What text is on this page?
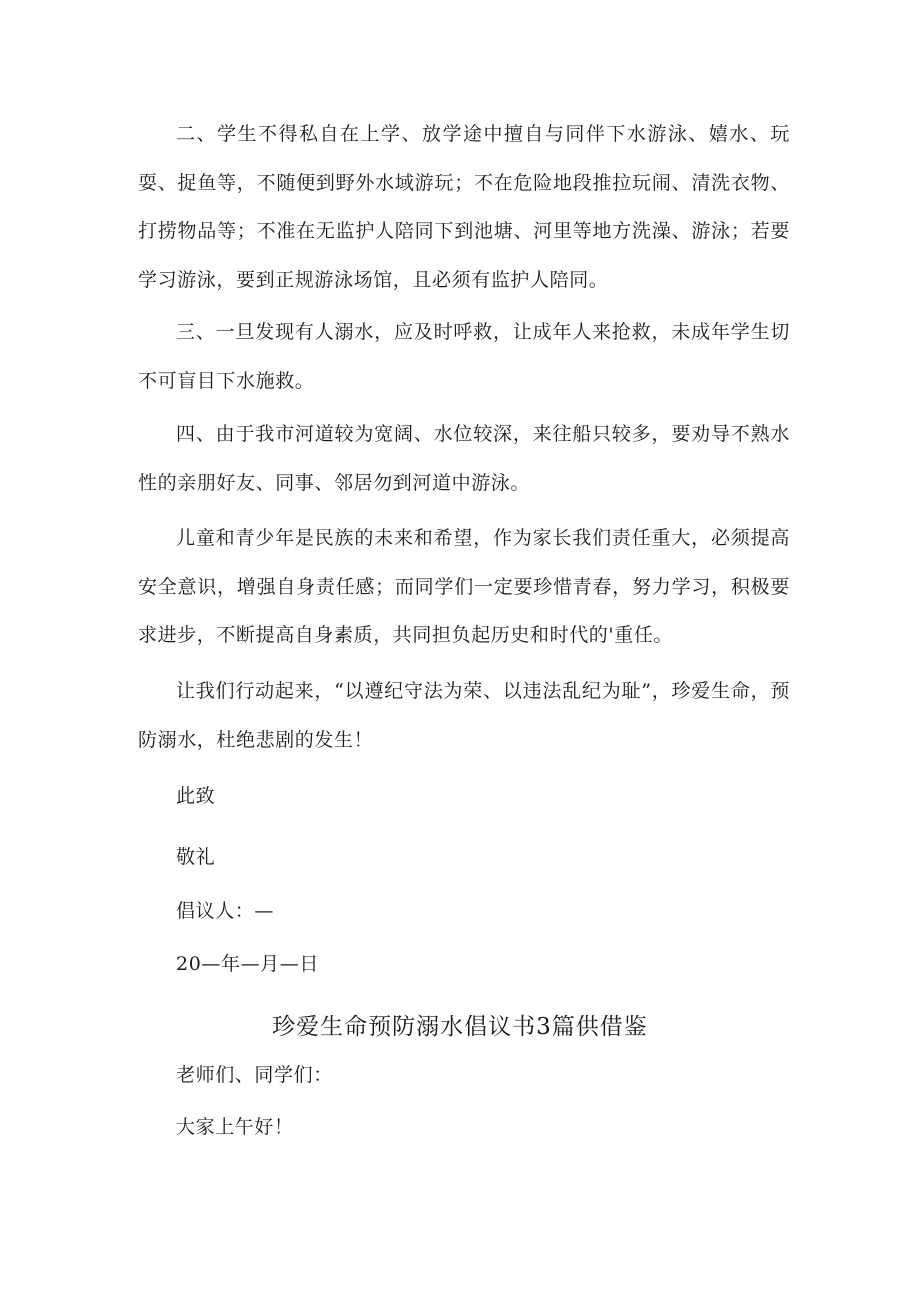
二、学生不得私自在上学、放学途中擅自与同伴下水游泳、嬉水、玩耍、捉鱼等，不随便到野外水域游玩；不在危险地段推拉玩闹、清洗衣物、打捞物品等；不准在无监护人陪同下到池塘、河里等地方洗澡、游泳；若要学习游泳，要到正规游泳场馆，且必须有监护人陪同。

三、一旦发现有人溺水，应及时呼救，让成年人来抢救，未成年学生切不可盲目下水施救。

四、由于我市河道较为宽阔、水位较深，来往船只较多，要劝导不熟水性的亲朋好友、同事、邻居勿到河道中游泳。

儿童和青少年是民族的未来和希望，作为家长我们责任重大，必须提高安全意识，增强自身责任感；而同学们一定要珍惜青春，努力学习，积极要求进步，不断提高自身素质，共同担负起历史和时代的'重任。

让我们行动起来，“以遵纪守法为荣、以违法乱纪为耻”，珍爱生命，预防溺水，杜绝悲剧的发生！

此致

敬礼

倡议人：—

20—年—月—日

珍爱生命预防溺水倡议书3篇供借鉴

老师们、同学们：

大家上午好！
